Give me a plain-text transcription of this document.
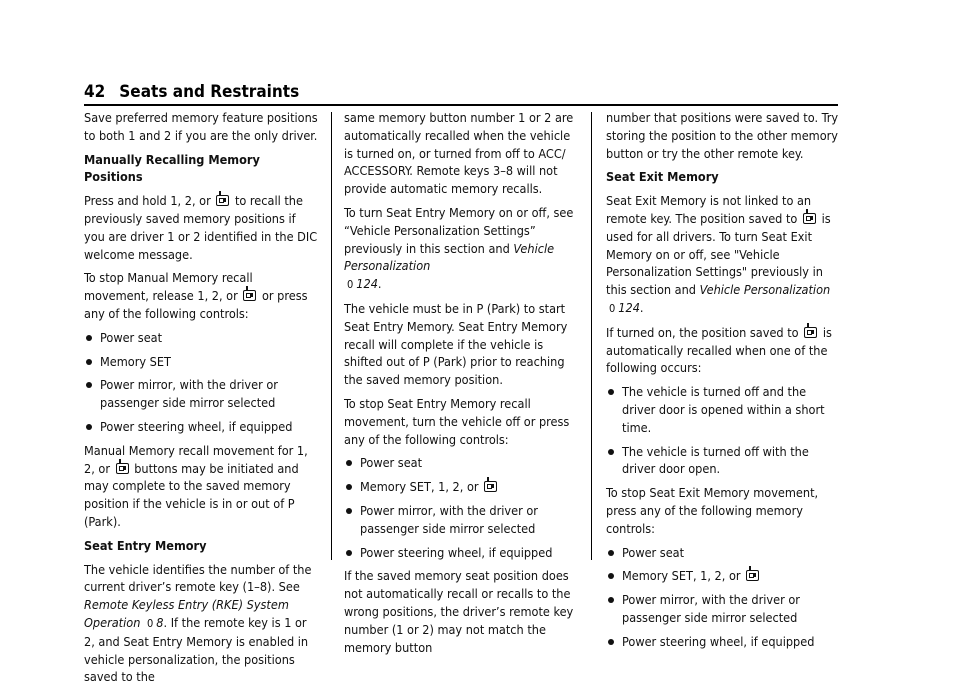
42 Seats and Restraints

Save preferred memory feature positions to both 1 and 2 if you are the only driver.

Manually Recalling Memory Positions

Press and hold 1, 2, or to recall the previously saved memory positions if you are driver 1 or 2 identified in the DIC welcome message.

To stop Manual Memory recall movement, release 1, 2, or or press any of the following controls:

Power seat
Memory SET
Power mirror, with the driver or passenger side mirror selected
Power steering wheel, if equipped

Manual Memory recall movement for 1, 2, or buttons may be initiated and may complete to the saved memory position if the vehicle is in or out of P (Park).

Seat Entry Memory

The vehicle identifies the number of the current driver’s remote key (1–8). See Remote Keyless Entry (RKE) System Operation 0 8. If the remote key is 1 or 2, and Seat Entry Memory is enabled in vehicle personalization, the positions saved to the

same memory button number 1 or 2 are automatically recalled when the vehicle is turned on, or turned from off to ACC/ ACCESSORY. Remote keys 3–8 will not provide automatic memory recalls.

To turn Seat Entry Memory on or off, see “Vehicle Personalization Settings” previously in this section and Vehicle Personalization
0 124.

The vehicle must be in P (Park) to start Seat Entry Memory. Seat Entry Memory recall will complete if the vehicle is shifted out of P (Park) prior to reaching the saved memory position.

To stop Seat Entry Memory recall movement, turn the vehicle off or press any of the following controls:

Power seat
Memory SET, 1, 2, or
Power mirror, with the driver or passenger side mirror selected
Power steering wheel, if equipped

If the saved memory seat position does not automatically recall or recalls to the wrong positions, the driver’s remote key number (1 or 2) may not match the memory button

number that positions were saved to. Try storing the position to the other memory button or try the other remote key.

Seat Exit Memory

Seat Exit Memory is not linked to an remote key. The position saved to is used for all drivers. To turn Seat Exit Memory on or off, see "Vehicle Personalization Settings" previously in this section and Vehicle Personalization 0 124.

If turned on, the position saved to is automatically recalled when one of the following occurs:

The vehicle is turned off and the driver door is opened within a short time.
The vehicle is turned off with the driver door open.

To stop Seat Exit Memory movement, press any of the following memory controls:

Power seat
Memory SET, 1, 2, or
Power mirror, with the driver or passenger side mirror selected
Power steering wheel, if equipped
